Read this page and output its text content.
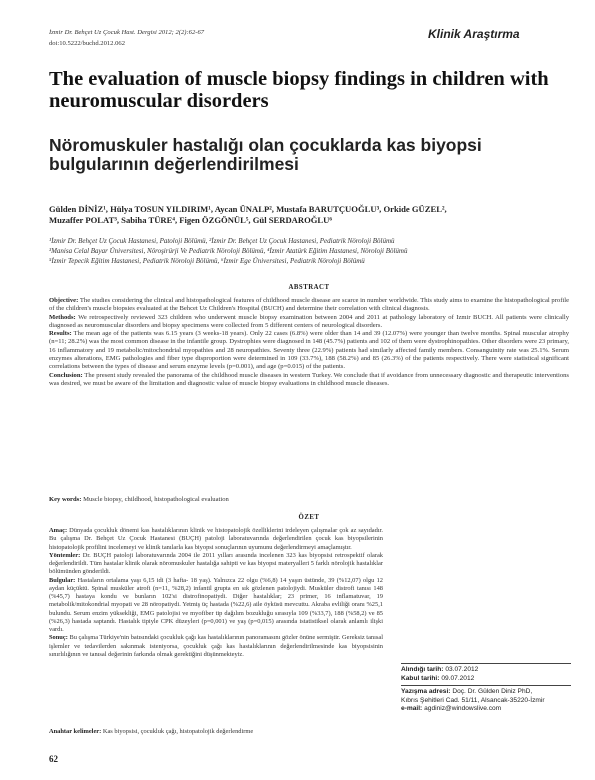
İzmir Dr. Behçet Uz Çocuk Hast. Dergisi 2012; 2(2):62-67
doi:10.5222/buchd.2012.062
Klinik Araştırma
The evaluation of muscle biopsy findings in children with neuromuscular disorders
Nöromuskuler hastalığı olan çocuklarda kas biyopsi bulgularının değerlendirilmesi
Gülden DİNİZ¹, Hülya TOSUN YILDIRIM¹, Aycan ÜNALP², Mustafa BARUTÇUOĞLU³, Orkide GÜZEL²,
Muzaffer POLAT³, Sabiha TÜRE⁴, Figen ÖZGÖNÜL⁵, Gül SERDAROĞLU⁶
¹İzmir Dr. Behçet Uz Çocuk Hastanesi, Patoloji Bölümü, ²İzmir Dr. Behçet Uz Çocuk Hastanesi, Pediatrik Nöroloji Bölümü
³Manisa Celal Bayar Üniversitesi, Nöroşirürji Ve Pediatrik Nöroloji Bölümü, ⁴İzmir Atatürk Eğitim Hastanesi, Nöroloji Bölümü
⁵İzmir Tepecik Eğitim Hastanesi, Pediatrik Nöroloji Bölümü, ⁶İzmir Ege Üniversitesi, Pediatrik Nöroloji Bölümü
ABSTRACT

Objective: The studies considering the clinical and histopathological features of childhood muscle disease are scarce in number worldwide. This study aims to examine the histopathological profile of the children's muscle biopsies evaluated at the Behcet Uz Children's Hospital (BUCH) and determine their correlation with clinical diagnosis.

Methods: We retrospectively reviewed 323 children who underwent muscle biopsy examination between 2004 and 2011 at pathology laboratory of Izmir BUCH. All patients were clinically diagnosed as neuromuscular disorders and biopsy specimens were collected from 5 different centers of neurological disorders.

Results: The mean age of the patients was 6.15 years (3 weeks-18 years). Only 22 cases (6.8%) were older than 14 and 39 (12.07%) were younger than twelve months. Spinal muscular atrophy (n=11; 28.2%) was the most common disease in the infantile group. Dystrophies were diagnosed in 148 (45.7%) patients and 102 of them were dystrophinopathies. Other disorders were 23 primary, 16 inflammatory and 19 metabolic/mitochondrial myopathies and 28 neuropathies. Seventy three (22.9%) patients had similarly affected family members. Consanguinity rate was 25.1%. Serum enzymes alterations, EMG pathologies and fiber type disproportion were determined in 109 (33.7%), 188 (58.2%) and 85 (26.3%) of the patients respectively. There were statistical significant correlations between the types of disease and serum enzyme levels (p=0.001), and age (p=0.015) of the patients.

Conclusion: The present study revealed the panorama of the childhood muscle diseases in western Turkey. We conclude that if avoidance from unnecessary diagnostic and therapeutic interventions was desired, we must be aware of the limitation and diagnostic value of muscle biopsy evaluations in childhood muscle diseases.

Key words: Muscle biopsy, childhood, histopathological evaluation
ÖZET

Amaç: Dünyada çocukluk dönemi kas hastalıklarının klinik ve histopatolojik özelliklerini irdeleyen çalışmalar çok az sayıdadır. Bu çalışma Dr. Behçet Uz Çocuk Hastanesi (BUÇH) patoloji laboratuvarında değerlendirilen çocuk kas biyopsilerinin histopatolojik profilini incelemeyi ve klinik tanılarla kas biyopsi sonuçlarının uyumunu değerlendirmeyi amaçlamıştır.

Yöntemler: Dr. BUÇH patoloji laboratuvarında 2004 ile 2011 yılları arasında incelenen 323 kas biyopsisi retrospektif olarak değerlendirildi. Tüm hastalar klinik olarak nöromuskuler hastalığa sahipti ve kas biyopsi materyalleri 5 farklı nörolojik hastalıklar bölümünden gönderildi.

Bulgular: Hastaların ortalama yaşı 6,15 idi (3 hafta- 18 yaş). Yalnızca 22 olgu (%6,8) 14 yaşın üstünde, 39 (%12,07) olgu 12 aydan küçüktü. Spinal musküler atrofi (n=11, %28,2) infantil grupta en sık gözlenen patolojiydi. Musküler distrofi tanısı 148 (%45,7) hastaya kondu ve bunların 102'si distrofinopatiydi. Diğer hastalıklar; 23 primer, 16 inflamatuvar, 19 metabolik/mitokondrial myopati ve 28 nöropatiydi. Yetmiş üç hastada (%22,6) aile öyküsü mevcuttu. Akraba evliliği oranı %25,1 bulundu. Serum enzim yüksekliği, EMG patolojisi ve myofiber tip dağılım bozukluğu sırasıyla 109 (%33,7), 188 (%58,2) ve 85 (%26,3) hastada saptandı. Hastalık tipiyle CPK düzeyleri (p=0,001) ve yaş (p=0,015) arasında istatistiksel olarak anlamlı ilişki vardı.

Sonuç: Bu çalışma Türkiye'nin batısındaki çocukluk çağı kas hastalıklarının panoramasını gözler önüne sermiştir. Gereksiz tanısal işlemler ve tedavilerden sakınmak isteniyorsa, çocukluk çağı kas hastalıklarının değerlendirilmesinde kas biyopsisinin sınırlılığının ve tanısal değerinin farkında olmak gerektiğini düşünmekteyiz.

Anahtar kelimeler: Kas biyopsisi, çocukluk çağı, histopatolojik değerlendirme
Alındığı tarih: 03.07.2012
Kabul tarihi: 09.07.2012
Yazışma adresi: Doç. Dr. Gülden Diniz PhD,
Kıbrıs Şehitleri Cad. 51/11, Alsancak-35220-İzmir
e-mail: agdiniz@windowslive.com
62
